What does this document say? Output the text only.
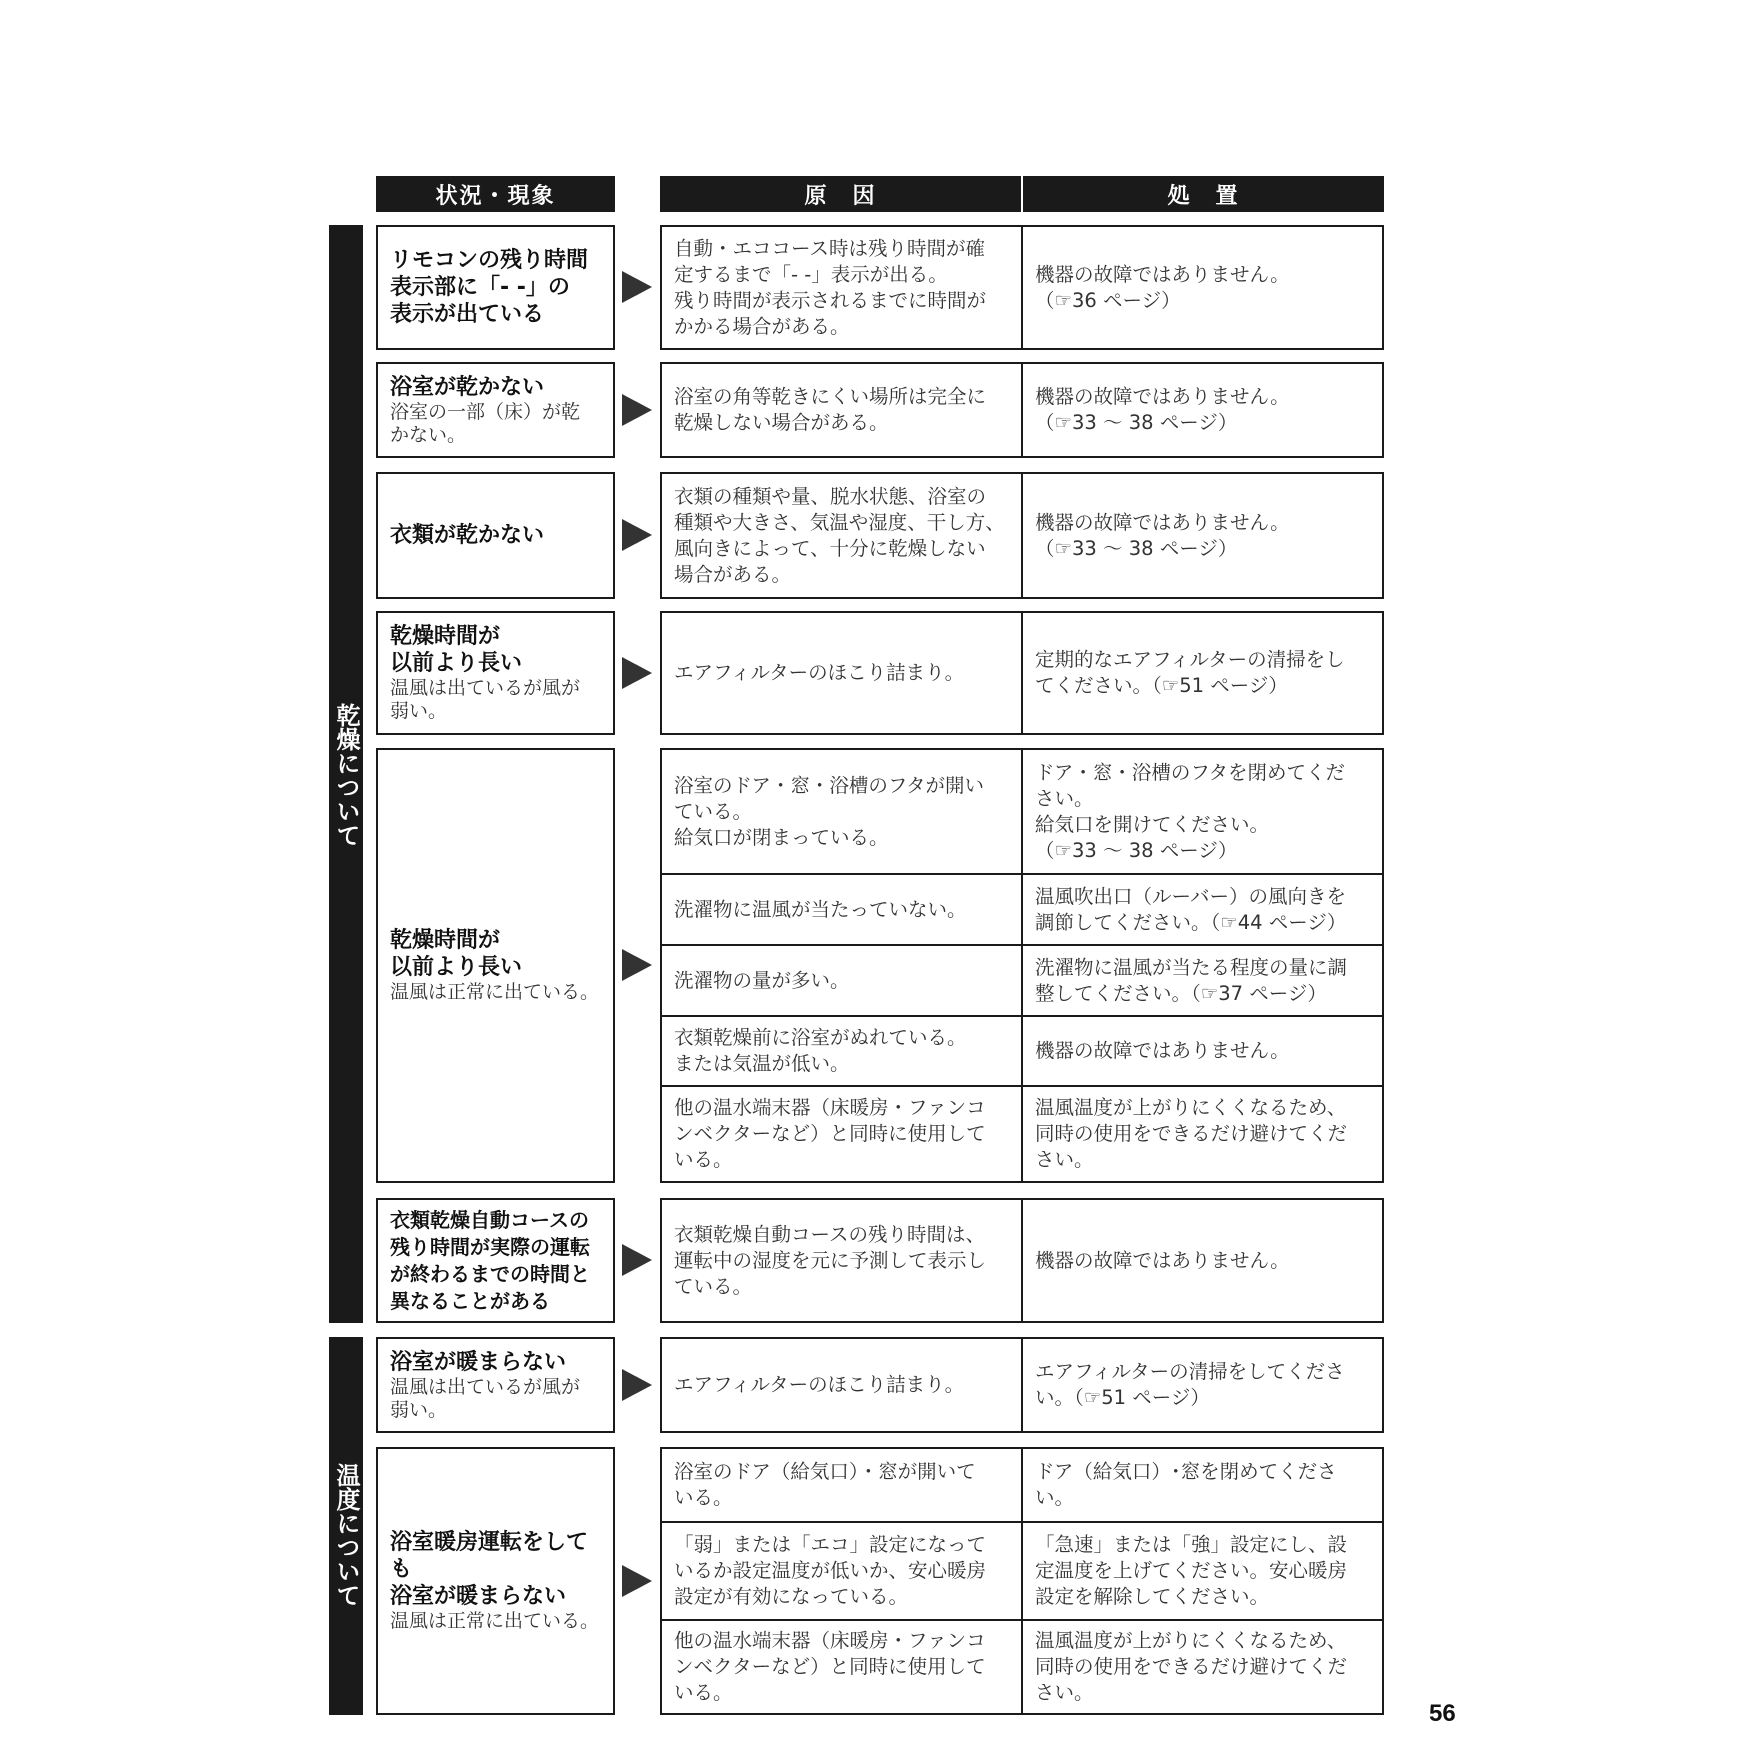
状況・現象	原　因	処　置
乾燥について
温度について
リモコンの残り時間
表示部に「- -」の
表示が出ている
自動・エココース時は残り時間が確
定するまで「- -」表示が出る。
残り時間が表示されるまでに時間が
かかる場合がある。
機器の故障ではありません。
（☞36 ページ）
浴室が乾かない
浴室の一部（床）が乾
かない。
浴室の角等乾きにくい場所は完全に
乾燥しない場合がある。
機器の故障ではありません。
（☞33 ～ 38 ページ）
衣類が乾かない
衣類の種類や量、脱水状態、浴室の
種類や大きさ、気温や湿度、干し方、
風向きによって、十分に乾燥しない
場合がある。
機器の故障ではありません。
（☞33 ～ 38 ページ）
乾燥時間が
以前より長い
温風は出ているが風が
弱い。
エアフィルターのほこり詰まり。
定期的なエアフィルターの清掃をし
てください。（☞51 ページ）
乾燥時間が
以前より長い
温風は正常に出ている。
浴室のドア・窓・浴槽のフタが開い
ている。
給気口が閉まっている。
ドア・窓・浴槽のフタを閉めてくだ
さい。
給気口を開けてください。
（☞33 ～ 38 ページ）
洗濯物に温風が当たっていない。
温風吹出口（ルーバー）の風向きを
調節してください。（☞44 ページ）
洗濯物の量が多い。
洗濯物に温風が当たる程度の量に調
整してください。（☞37 ページ）
衣類乾燥前に浴室がぬれている。
または気温が低い。
機器の故障ではありません。
他の温水端末器（床暖房・ファンコ
ンベクターなど）と同時に使用して
いる。
温風温度が上がりにくくなるため、
同時の使用をできるだけ避けてくだ
さい。
衣類乾燥自動コースの
残り時間が実際の運転
が終わるまでの時間と
異なることがある
衣類乾燥自動コースの残り時間は、
運転中の湿度を元に予測して表示し
ている。
機器の故障ではありません。
浴室が暖まらない
温風は出ているが風が
弱い。
エアフィルターのほこり詰まり。
エアフィルターの清掃をしてくださ
い。（☞51 ページ）
浴室暖房運転をしても
浴室が暖まらない
温風は正常に出ている。
浴室のドア（給気口）・窓が開いて
いる。
ドア（給気口）･窓を閉めてください。
「弱」または「エコ」設定になって
いるか設定温度が低いか、安心暖房
設定が有効になっている。
「急速」または「強」設定にし、設
定温度を上げてください。安心暖房
設定を解除してください。
他の温水端末器（床暖房・ファンコ
ンベクターなど）と同時に使用して
いる。
温風温度が上がりにくくなるため、
同時の使用をできるだけ避けてくだ
さい。
56
